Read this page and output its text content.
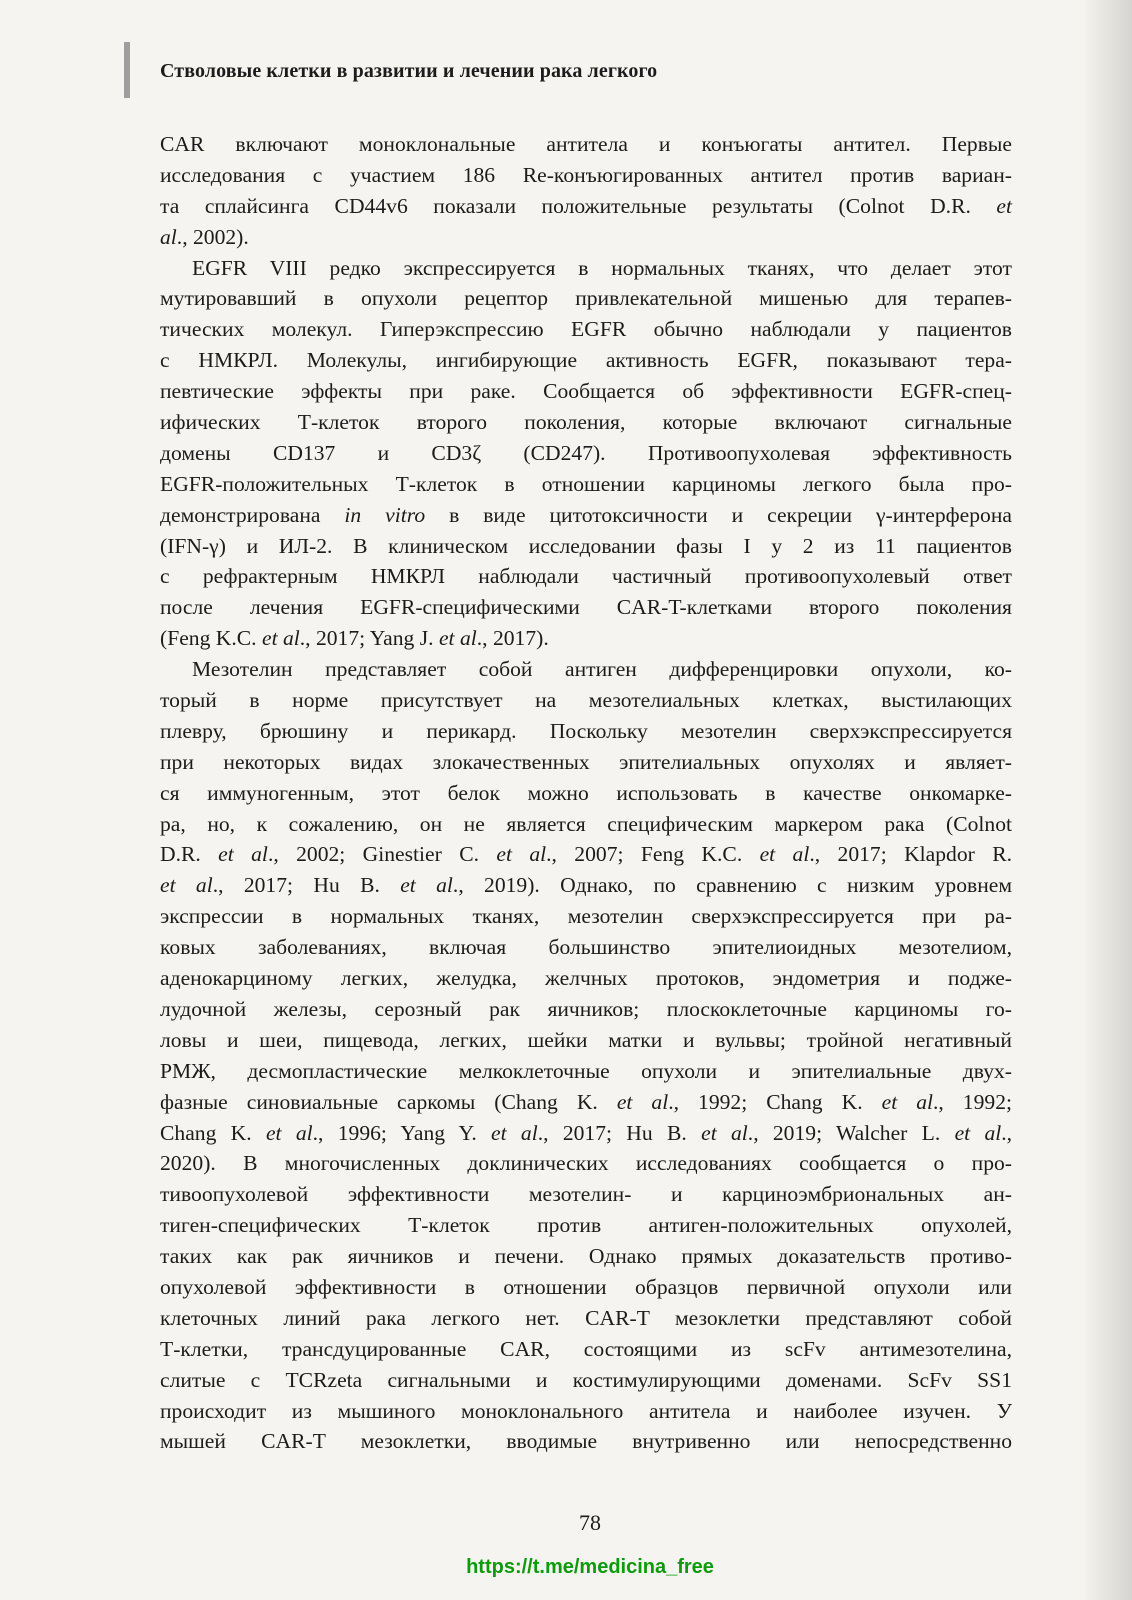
Стволовые клетки в развитии и лечении рака легкого
CAR включают моноклональные антитела и конъюгаты антител. Первые
исследования с участием 186 Re-конъюгированных антител против вариан-
та сплайсинга CD44v6 показали положительные результаты (Colnot D.R. et
al., 2002).
EGFR VIII редко экспрессируется в нормальных тканях, что делает этот
мутировавший в опухоли рецептор привлекательной мишенью для терапев-
тических молекул. Гиперэкспрессию EGFR обычно наблюдали у пациентов
с НМКРЛ. Молекулы, ингибирующие активность EGFR, показывают тера-
певтические эффекты при раке. Сообщается об эффективности EGFR-спец-
ифических Т-клеток второго поколения, которые включают сигнальные
домены CD137 и CD3ζ (CD247). Противоопухолевая эффективность
EGFR-положительных Т-клеток в отношении карциномы легкого была про-
демонстрирована in vitro в виде цитотоксичности и секреции γ-интерферона
(IFN-γ) и ИЛ-2. В клиническом исследовании фазы I у 2 из 11 пациентов
с рефрактерным НМКРЛ наблюдали частичный противоопухолевый ответ
после лечения EGFR-специфическими CAR-T-клетками второго поколения
(Feng K.C. et al., 2017; Yang J. et al., 2017).
Мезотелин представляет собой антиген дифференцировки опухоли, ко-
торый в норме присутствует на мезотелиальных клетках, выстилающих
плевру, брюшину и перикард. Поскольку мезотелин сверхэкспрессируется
при некоторых видах злокачественных эпителиальных опухолях и являет-
ся иммуногенным, этот белок можно использовать в качестве онкомарке-
ра, но, к сожалению, он не является специфическим маркером рака (Colnot
D.R. et al., 2002; Ginestier C. et al., 2007; Feng K.C. et al., 2017; Klapdor R.
et al., 2017; Hu B. et al., 2019). Однако, по сравнению с низким уровнем
экспрессии в нормальных тканях, мезотелин сверхэкспрессируется при ра-
ковых заболеваниях, включая большинство эпителиоидных мезотелиом,
аденокарциному легких, желудка, желчных протоков, эндометрия и подже-
лудочной железы, серозный рак яичников; плоскоклеточные карциномы го-
ловы и шеи, пищевода, легких, шейки матки и вульвы; тройной негативный
РМЖ, десмопластические мелкоклеточные опухоли и эпителиальные двух-
фазные синовиальные саркомы (Chang K. et al., 1992; Chang K. et al., 1992;
Chang K. et al., 1996; Yang Y. et al., 2017; Hu B. et al., 2019; Walcher L. et al.,
2020). В многочисленных доклинических исследованиях сообщается о про-
тивоопухолевой эффективности мезотелин- и карциноэмбриональных ан-
тиген-специфических Т-клеток против антиген-положительных опухолей,
таких как рак яичников и печени. Однако прямых доказательств противо-
опухолевой эффективности в отношении образцов первичной опухоли или
клеточных линий рака легкого нет. CAR-T мезоклетки представляют собой
Т-клетки, трансдуцированные CAR, состоящими из scFv антимезотелина,
слитые с TCRzeta сигнальными и костимулирующими доменами. ScFv SS1
происходит из мышиного моноклонального антитела и наиболее изучен. У
мышей CAR-T мезоклетки, вводимые внутривенно или непосредственно
78
https://t.me/medicina_free
